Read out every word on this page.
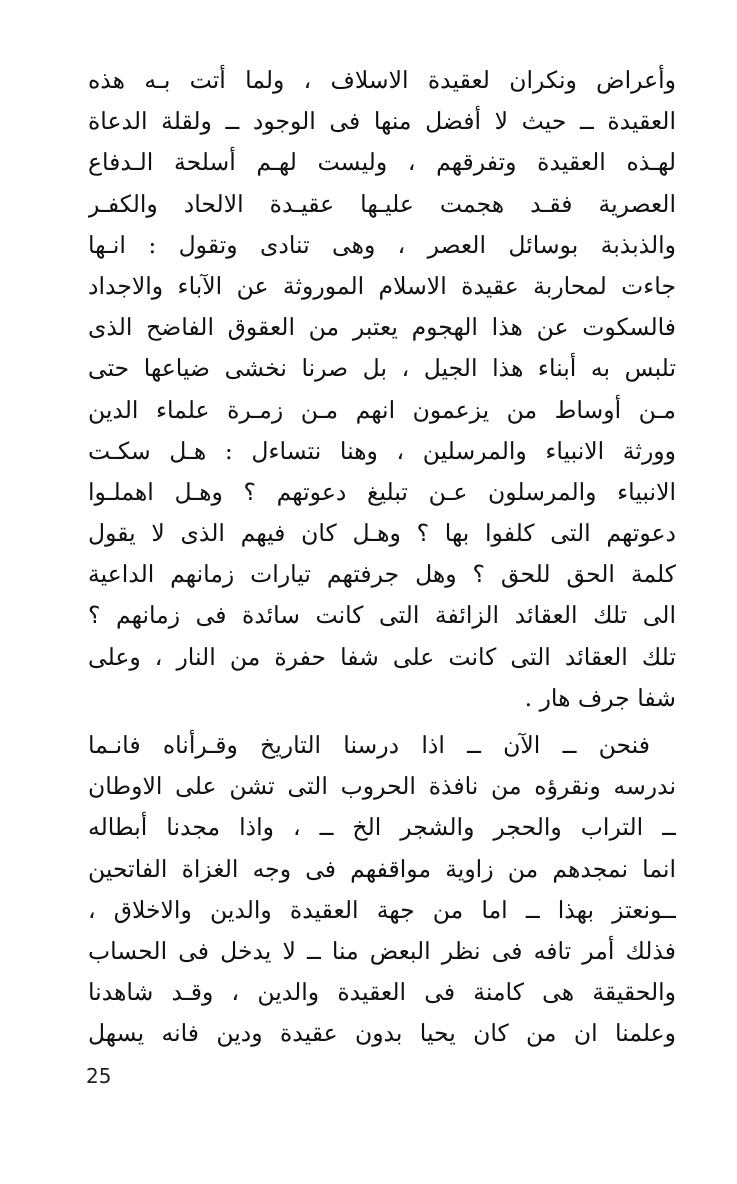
وأعراض ونكران لعقيدة الاسلاف ، ولما أتت بـه هذه
العقيدة ــ حيث لا أفضل منها فى الوجود ــ ولقلة الدعاة
لهـذه العقيدة وتفرقهم ، وليست لهـم أسلحة الـدفاع
العصرية فقـد هجمت عليـها عقيـدة الالحاد والكفـر
والذبذبة بوسائل العصر ، وهى تنادى وتقول : انـها
جاءت لمحاربة عقيدة الاسلام الموروثة عن الآباء والاجداد
فالسكوت عن هذا الهجوم يعتبر من العقوق الفاضح الذى
تلبس به أبناء هذا الجيل ، بل صرنا نخشى ضياعها حتى
مـن أوساط من يزعمون انهم مـن زمـرة علماء الدين
وورثة الانبياء والمرسلين ، وهنا نتساءل : هـل سكـت
الانبياء والمرسلون عـن تبليغ دعوتهم ؟ وهـل اهملـوا
دعوتهم التى كلفوا بها ؟ وهـل كان فيهم الذى لا يقول
كلمة الحق للحق ؟ وهل جرفتهم تيارات زمانهم الداعية
الى تلك العقائد الزائفة التى كانت سائدة فى زمانهم ؟
تلك العقائد التى كانت على شفا حفرة من النار ، وعلى
شفا جرف هار .
فنحن ــ الآن ــ اذا درسنا التاريخ وقـرأناه فانـما
ندرسه ونقرؤه من نافذة الحروب التى تشن على الاوطان
ــ التراب والحجر والشجر الخ ــ ، واذا مجدنا أبطاله
انما نمجدهم من زاوية مواقفهم فى وجه الغزاة الفاتحين
ــونعتز بهذا ــ اما من جهة العقيدة والدين والاخلاق ،
فذلك أمر تافه فى نظر البعض منا ــ لا يدخل فى الحساب
والحقيقة هى كامنة فى العقيدة والدين ، وقـد شاهدنا
وعلمنا ان من كان يحيا بدون عقيدة ودين فانه يسهل
25
